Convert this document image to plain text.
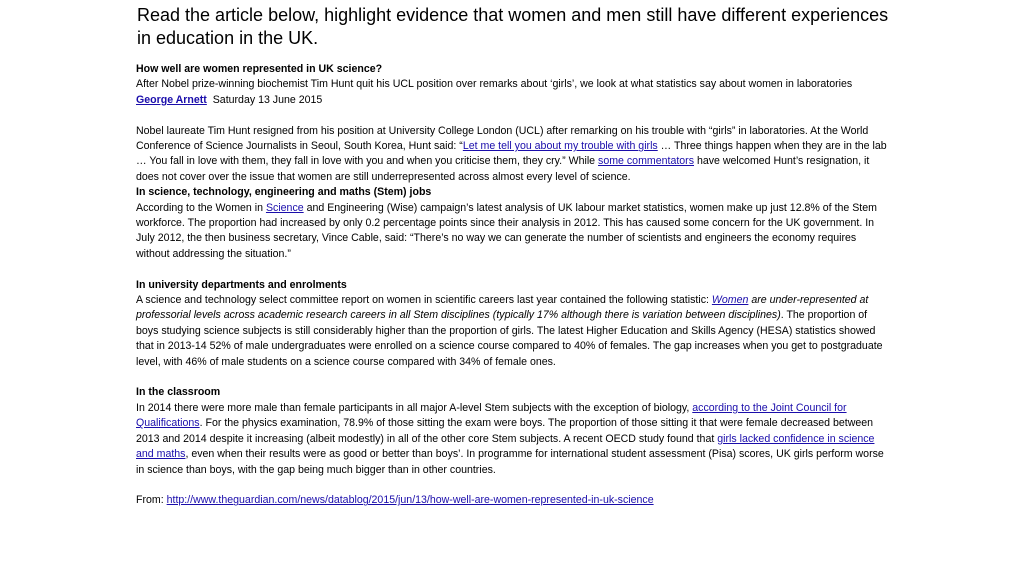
Read the article below, highlight evidence that women and men still have different experiences
in education in the UK.

How well are women represented in UK science?

After Nobel prize-winning biochemist Tim Hunt quit his UCL position over remarks about ‘girls’, we look at what statistics say about women in laboratories

George Arnett Saturday 13 June 2015

Nobel laureate Tim Hunt resigned from his position at University College London (UCL) after remarking on his trouble with “girls” in laboratories. At the World Conference of Science Journalists in Seoul, South Korea, Hunt said: “Let me tell you about my trouble with girls … Three things happen when they are in the lab … You fall in love with them, they fall in love with you and when you criticise them, they cry.” While some commentators have welcomed Hunt’s resignation, it does not cover over the issue that women are still underrepresented across almost every level of science.

In science, technology, engineering and maths (Stem) jobs

According to the Women in Science and Engineering (Wise) campaign’s latest analysis of UK labour market statistics, women make up just 12.8% of the Stem workforce. The proportion had increased by only 0.2 percentage points since their analysis in 2012. This has caused some concern for the UK government. In July 2012, the then business secretary, Vince Cable, said: “There’s no way we can generate the number of scientists and engineers the economy requires without addressing the situation.”

In university departments and enrolments

A science and technology select committee report on women in scientific careers last year contained the following statistic: Women are under-represented at professorial levels across academic research careers in all Stem disciplines (typically 17% although there is variation between disciplines). The proportion of boys studying science subjects is still considerably higher than the proportion of girls. The latest Higher Education and Skills Agency (HESA) statistics showed that in 2013-14 52% of male undergraduates were enrolled on a science course compared to 40% of females. The gap increases when you get to postgraduate level, with 46% of male students on a science course compared with 34% of female ones.

In the classroom

In 2014 there were more male than female participants in all major A-level Stem subjects with the exception of biology, according to the Joint Council for Qualifications. For the physics examination, 78.9% of those sitting the exam were boys. The proportion of those sitting it that were female decreased between 2013 and 2014 despite it increasing (albeit modestly) in all of the other core Stem subjects. A recent OECD study found that girls lacked confidence in science and maths, even when their results were as good or better than boys’. In programme for international student assessment (Pisa) scores, UK girls perform worse in science than boys, with the gap being much bigger than in other countries.

From: http://www.theguardian.com/news/datablog/2015/jun/13/how-well-are-women-represented-in-uk-science
